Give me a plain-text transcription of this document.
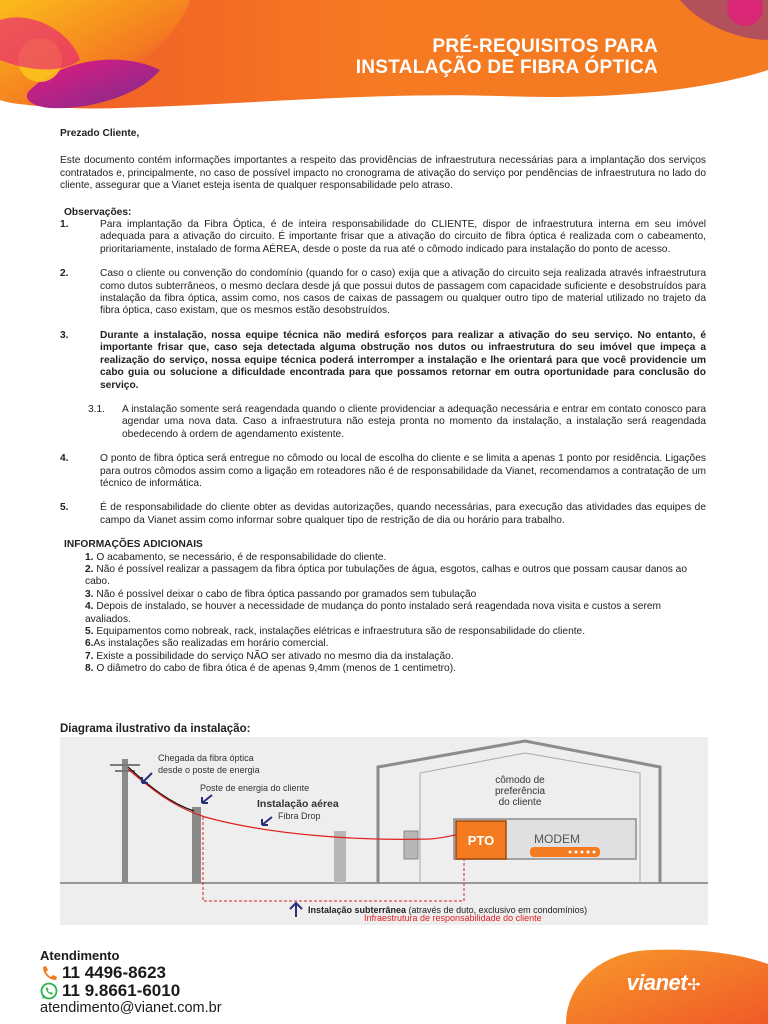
PRÉ-REQUISITOS PARA
INSTALAÇÃO DE FIBRA ÓPTICA

Prezado Cliente,

Este documento contém informações importantes a respeito das providências de infraestrutura necessárias para a implantação dos serviços contratados e, principalmente, no caso de possível impacto no cronograma de ativação do serviço por pendências de infraestrutura no lado do cliente, assegurar que a Vianet esteja isenta de qualquer responsabilidade pelo atraso.

Observações:
1.	Para implantação da Fibra Óptica, é de inteira responsabilidade do CLIENTE, dispor de infraestrutura interna em seu imóvel adequada para a ativação do circuito. É importante frisar que a ativação do circuito de fibra óptica é realizada com o cabeamento, prioritariamente, instalado de forma AÉREA, desde o poste da rua até o cômodo indicado para instalação do ponto de acesso.
2.	Caso o cliente ou convenção do condomínio (quando for o caso) exija que a ativação do circuito seja realizada através infraestrutura como dutos subterrâneos, o mesmo declara desde já que possui dutos de passagem com capacidade suficiente e desobstruídos para instalação da fibra óptica, assim como, nos casos de caixas de passagem ou qualquer outro tipo de material utilizado no trajeto da fibra óptica, caso existam, que os mesmos estão desobstruídos.
3.	Durante a instalação, nossa equipe técnica não medirá esforços para realizar a ativação do seu serviço. No entanto, é importante frisar que, caso seja detectada alguma obstrução nos dutos ou infraestrutura do seu imóvel que impeça a realização do serviço, nossa equipe técnica poderá interromper a instalação e lhe orientará para que você providencie um cabo guia ou solucione a dificuldade encontrada para que possamos retornar em outra oportunidade para conclusão do serviço.
3.1.	A instalação somente será reagendada quando o cliente providenciar a adequação necessária e entrar em contato conosco para agendar uma nova data. Caso a infraestrutura não esteja pronta no momento da instalação, a instalação será reagendada obedecendo à ordem de agendamento existente.
4.	O ponto de fibra óptica será entregue no cômodo ou local de escolha do cliente e se limita a apenas 1 ponto por residência. Ligações para outros cômodos assim como a ligação em roteadores não é de responsabilidade da Vianet, recomendamos a contratação de um técnico de informática.
5.	É de responsabilidade do cliente obter as devidas autorizações, quando necessárias, para execução das atividades das equipes de campo da Vianet assim como informar sobre qualquer tipo de restrição de dia ou horário para trabalho.
INFORMAÇÕES ADICIONAIS
1. O acabamento, se necessário, é de responsabilidade do cliente.
2. Não é possível realizar a passagem da fibra óptica por tubulações de água, esgotos, calhas e outros que possam causar danos ao cabo.
3. Não é possível deixar o cabo de fibra óptica passando por gramados sem tubulação
4. Depois de instalado, se houver a necessidade de mudança do ponto instalado será reagendada nova visita e custos a serem avaliados.
5. Equipamentos como nobreak, rack, instalações elétricas e infraestrutura são de responsabilidade do cliente.
6.As instalações são realizadas em horário comercial.
7. Existe a possibilidade do serviço NÃO ser ativado no mesmo dia da instalação.
8. O diâmetro do cabo de fibra ótica é de apenas 9,4mm (menos de 1 centimetro).
Diagrama ilustrativo da instalação:
PTO	MODEM
Chegada da fibra óptica
desde o poste de energia
Poste de energia do cliente
Instalação aérea
Fibra Drop
cômodo de
preferência
do cliente
Instalação subterrânea (através de duto, exclusivo em condomínios)
Infraestrutura de responsabilidade do cliente
Atendimento
11 4496-8623
11 9.8661-6010
atendimento@vianet.com.br
vianet✢
